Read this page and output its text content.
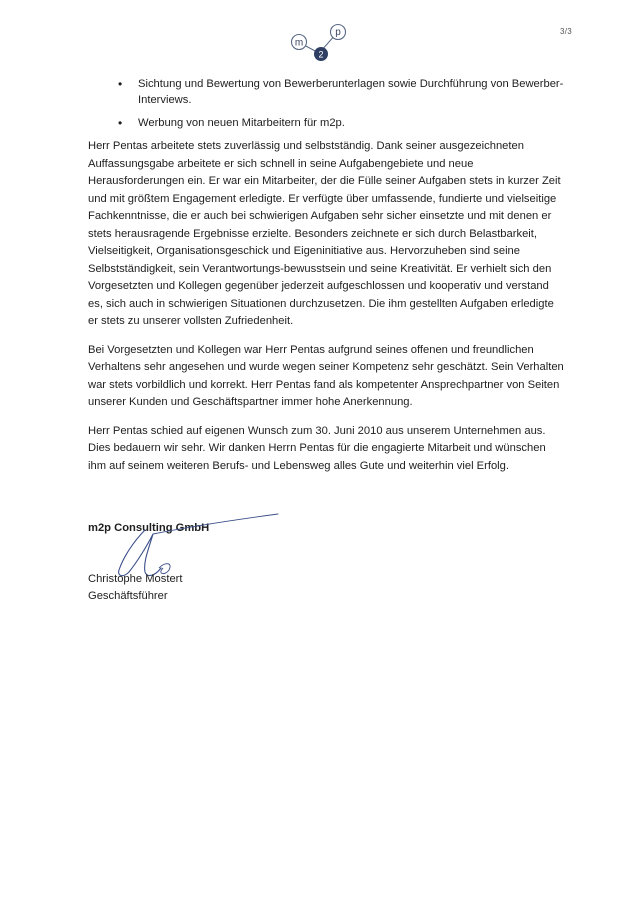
3/3
m
p
2
• Sichtung und Bewertung von Bewerberunterlagen sowie Durchführung von Bewerber-Interviews.
• Werbung von neuen Mitarbeitern für m2p.

Herr Pentas arbeitete stets zuverlässig und selbstständig. Dank seiner ausgezeichneten Auffassungsgabe arbeitete er sich schnell in seine Aufgabengebiete und neue Herausforderungen ein. Er war ein Mitarbeiter, der die Fülle seiner Aufgaben stets in kurzer Zeit und mit größtem Engagement erledigte. Er verfügte über umfassende, fundierte und vielseitige Fachkenntnisse, die er auch bei schwierigen Aufgaben sehr sicher einsetzte und mit denen er stets herausragende Ergebnisse erzielte. Besonders zeichnete er sich durch Belastbarkeit, Vielseitigkeit, Organisationsgeschick und Eigeninitiative aus. Hervorzuheben sind seine Selbstständigkeit, sein Verantwortungs-bewusstsein und seine Kreativität. Er verhielt sich den Vorgesetzten und Kollegen gegenüber jederzeit aufgeschlossen und kooperativ und verstand es, sich auch in schwierigen Situationen durchzusetzen. Die ihm gestellten Aufgaben erledigte er stets zu unserer vollsten Zufriedenheit.

Bei Vorgesetzten und Kollegen war Herr Pentas aufgrund seines offenen und freundlichen Verhaltens sehr angesehen und wurde wegen seiner Kompetenz sehr geschätzt. Sein Verhalten war stets vorbildlich und korrekt. Herr Pentas fand als kompetenter Ansprechpartner von Seiten unserer Kunden und Geschäftspartner immer hohe Anerkennung.

Herr Pentas schied auf eigenen Wunsch zum 30. Juni 2010 aus unserem Unternehmen aus. Dies bedauern wir sehr. Wir danken Herrn Pentas für die engagierte Mitarbeit und wünschen ihm auf seinem weiteren Berufs- und Lebensweg alles Gute und weiterhin viel Erfolg.

m2p Consulting GmbH
Christophe Mostert
Geschäftsführer
